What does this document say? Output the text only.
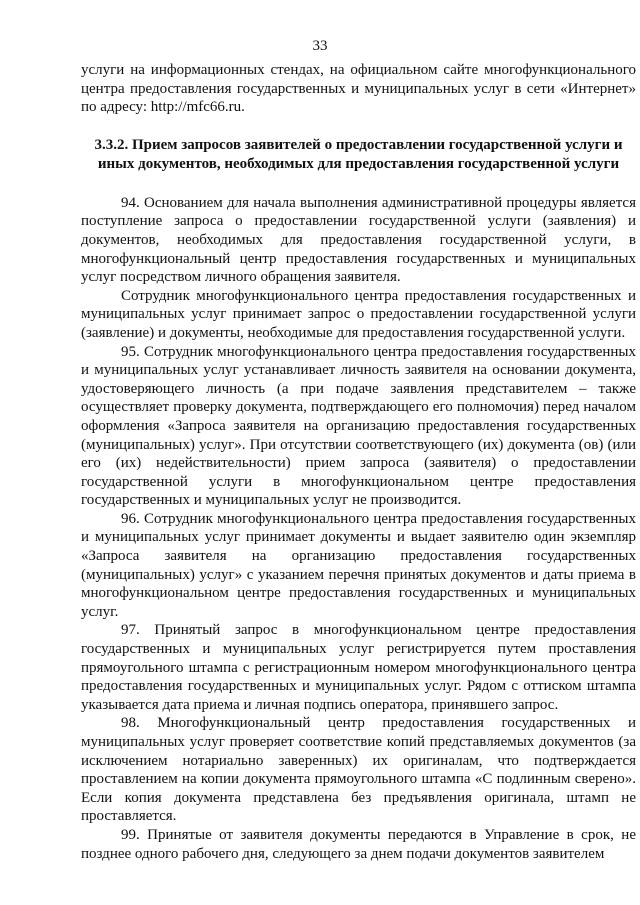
33

услуги на информационных стендах, на официальном сайте многофункционального центра предоставления государственных и муниципальных услуг в сети «Интернет» по адресу: http://mfc66.ru.

3.3.2. Прием запросов заявителей о предоставлении государственной услуги и иных документов, необходимых для предоставления государственной услуги

94. Основанием для начала выполнения административной процедуры является поступление запроса о предоставлении государственной услуги (заявления) и документов, необходимых для предоставления государственной услуги, в многофункциональный центр предоставления государственных и муниципальных услуг посредством личного обращения заявителя.

Сотрудник многофункционального центра предоставления государственных и муниципальных услуг принимает запрос о предоставлении государственной услуги (заявление) и документы, необходимые для предоставления государственной услуги.

95. Сотрудник многофункционального центра предоставления государственных и муниципальных услуг устанавливает личность заявителя на основании документа, удостоверяющего личность (а при подаче заявления представителем – также осуществляет проверку документа, подтверждающего его полномочия) перед началом оформления «Запроса заявителя на организацию предоставления государственных (муниципальных) услуг». При отсутствии соответствующего (их) документа (ов) (или его (их) недействительности) прием запроса (заявителя) о предоставлении государственной услуги в многофункциональном центре предоставления государственных и муниципальных услуг не производится.

96. Сотрудник многофункционального центра предоставления государственных и муниципальных услуг принимает документы и выдает заявителю один экземпляр «Запроса заявителя на организацию предоставления государственных (муниципальных) услуг» с указанием перечня принятых документов и даты приема в многофункциональном центре предоставления государственных и муниципальных услуг.

97. Принятый запрос в многофункциональном центре предоставления государственных и муниципальных услуг регистрируется путем проставления прямоугольного штампа с регистрационным номером многофункционального центра предоставления государственных и муниципальных услуг. Рядом с оттиском штампа указывается дата приема и личная подпись оператора, принявшего запрос.

98. Многофункциональный центр предоставления государственных и муниципальных услуг проверяет соответствие копий представляемых документов (за исключением нотариально заверенных) их оригиналам, что подтверждается проставлением на копии документа прямоугольного штампа «С подлинным сверено». Если копия документа представлена без предъявления оригинала, штамп не проставляется.

99. Принятые от заявителя документы передаются в Управление в срок, не позднее одного рабочего дня, следующего за днем подачи документов заявителем
